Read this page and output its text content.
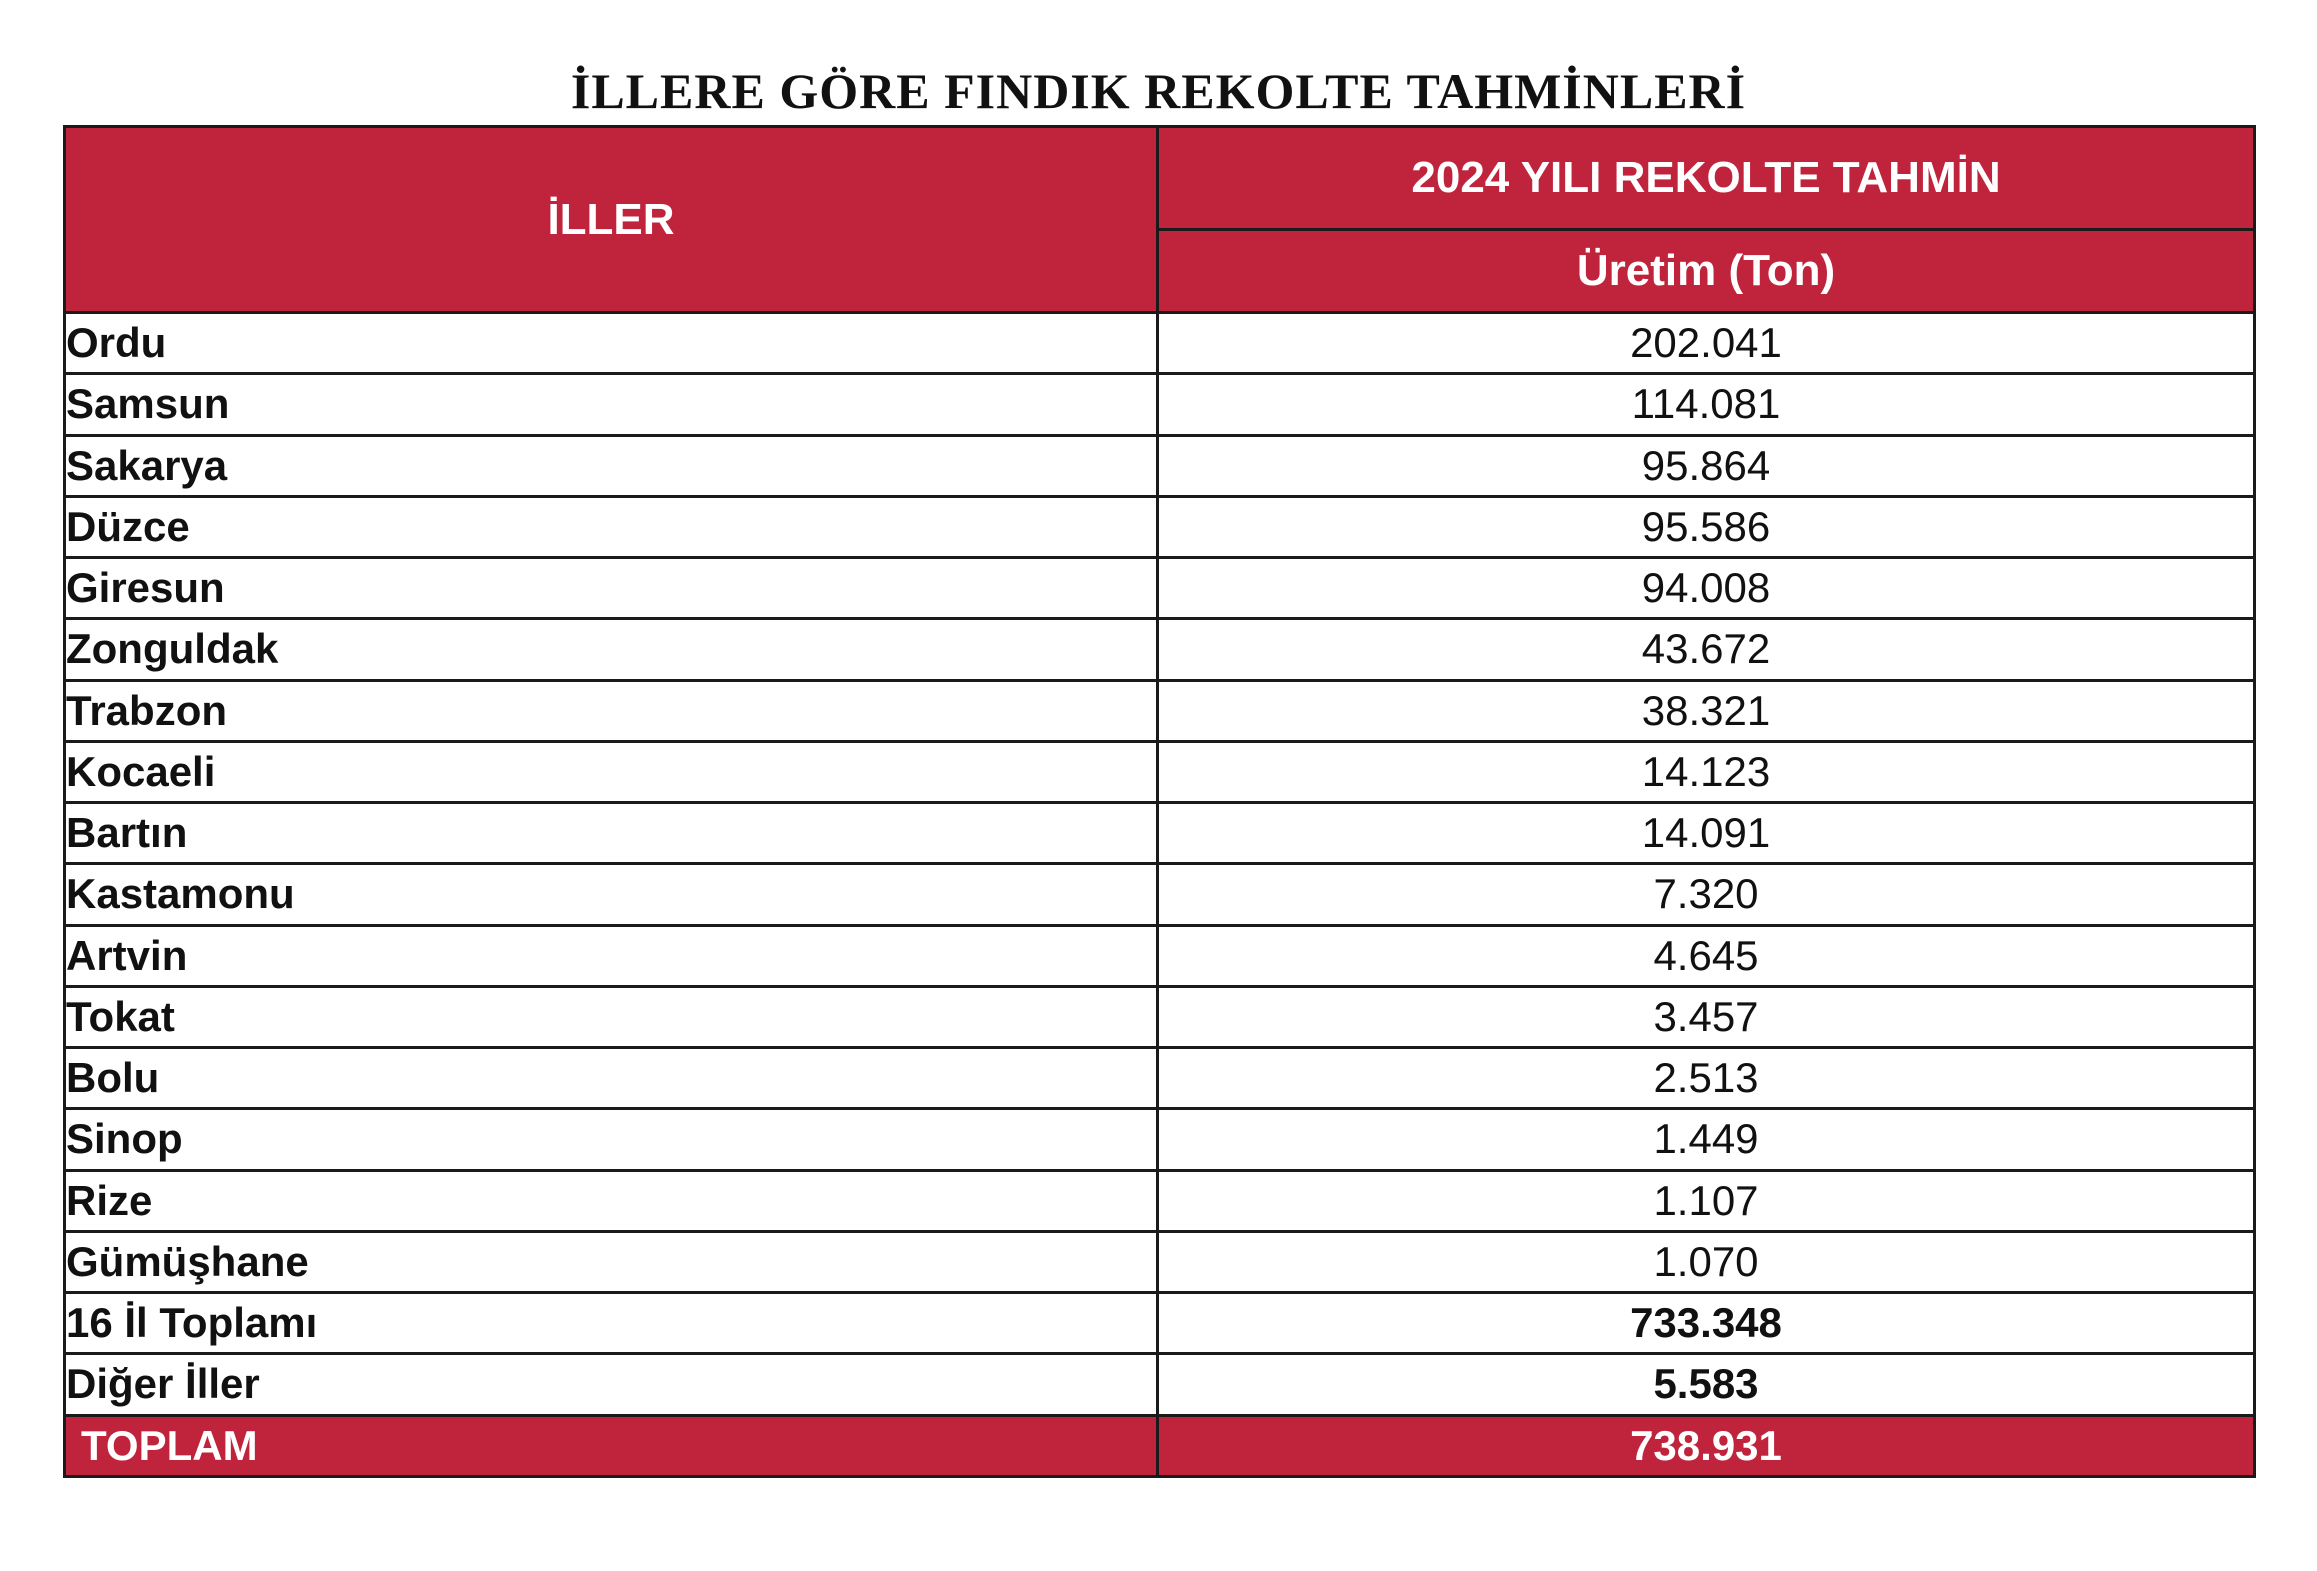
İLLERE GÖRE FINDIK REKOLTE TAHMİNLERİ
İLLER	2024 YILI REKOLTE TAHMİN
	Üretim (Ton)
Ordu	202.041
Samsun	114.081
Sakarya	95.864
Düzce	95.586
Giresun	94.008
Zonguldak	43.672
Trabzon	38.321
Kocaeli	14.123
Bartın	14.091
Kastamonu	7.320
Artvin	4.645
Tokat	3.457
Bolu	2.513
Sinop	1.449
Rize	1.107
Gümüşhane	1.070
16 İl Toplamı	733.348
Diğer İller	5.583
TOPLAM	738.931
